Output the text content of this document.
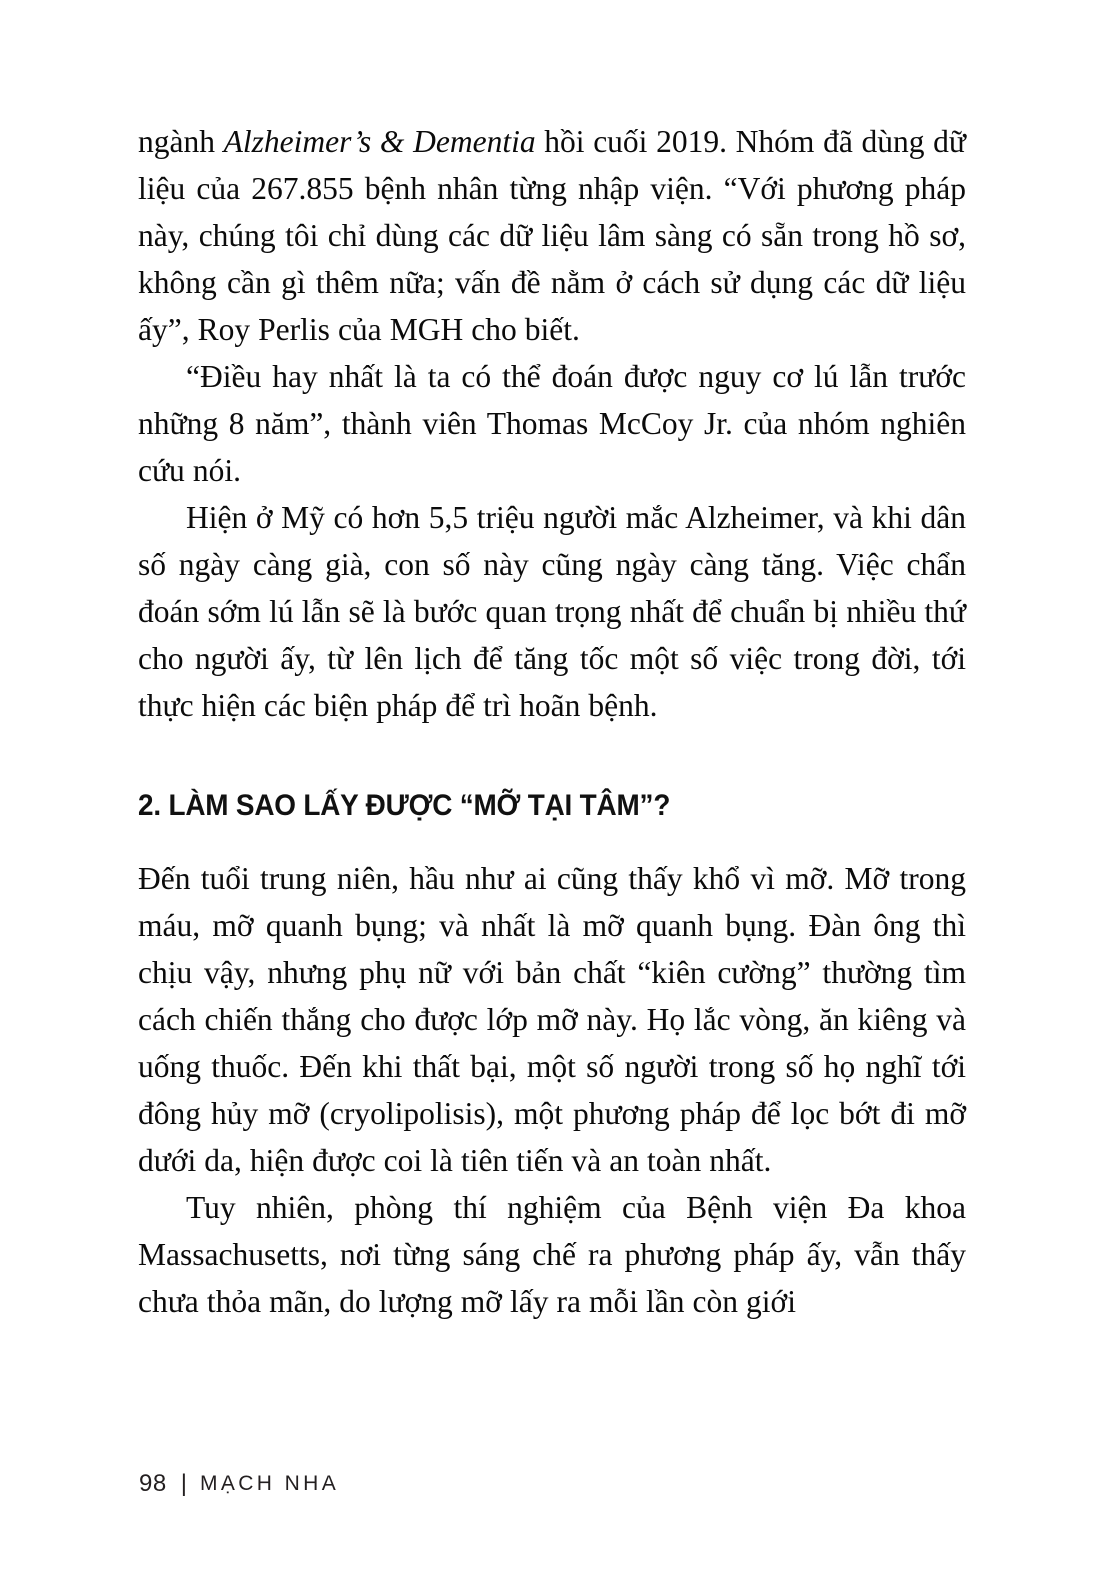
ngành Alzheimer’s & Dementia hồi cuối 2019. Nhóm đã dùng dữ liệu của 267.855 bệnh nhân từng nhập viện. “Với phương pháp này, chúng tôi chỉ dùng các dữ liệu lâm sàng có sẵn trong hồ sơ, không cần gì thêm nữa; vấn đề nằm ở cách sử dụng các dữ liệu ấy”, Roy Perlis của MGH cho biết.

“Điều hay nhất là ta có thể đoán được nguy cơ lú lẫn trước những 8 năm”, thành viên Thomas McCoy Jr. của nhóm nghiên cứu nói.

Hiện ở Mỹ có hơn 5,5 triệu người mắc Alzheimer, và khi dân số ngày càng già, con số này cũng ngày càng tăng. Việc chẩn đoán sớm lú lẫn sẽ là bước quan trọng nhất để chuẩn bị nhiều thứ cho người ấy, từ lên lịch để tăng tốc một số việc trong đời, tới thực hiện các biện pháp để trì hoãn bệnh.

2. LÀM SAO LẤY ĐƯỢC “MỠ TẠI TÂM”?

Đến tuổi trung niên, hầu như ai cũng thấy khổ vì mỡ. Mỡ trong máu, mỡ quanh bụng; và nhất là mỡ quanh bụng. Đàn ông thì chịu vậy, nhưng phụ nữ với bản chất “kiên cường” thường tìm cách chiến thắng cho được lớp mỡ này. Họ lắc vòng, ăn kiêng và uống thuốc. Đến khi thất bại, một số người trong số họ nghĩ tới đông hủy mỡ (cryolipolisis), một phương pháp để lọc bớt đi mỡ dưới da, hiện được coi là tiên tiến và an toàn nhất.

Tuy nhiên, phòng thí nghiệm của Bệnh viện Đa khoa Massachusetts, nơi từng sáng chế ra phương pháp ấy, vẫn thấy chưa thỏa mãn, do lượng mỡ lấy ra mỗi lần còn giới

98 | MẠCH NHA
